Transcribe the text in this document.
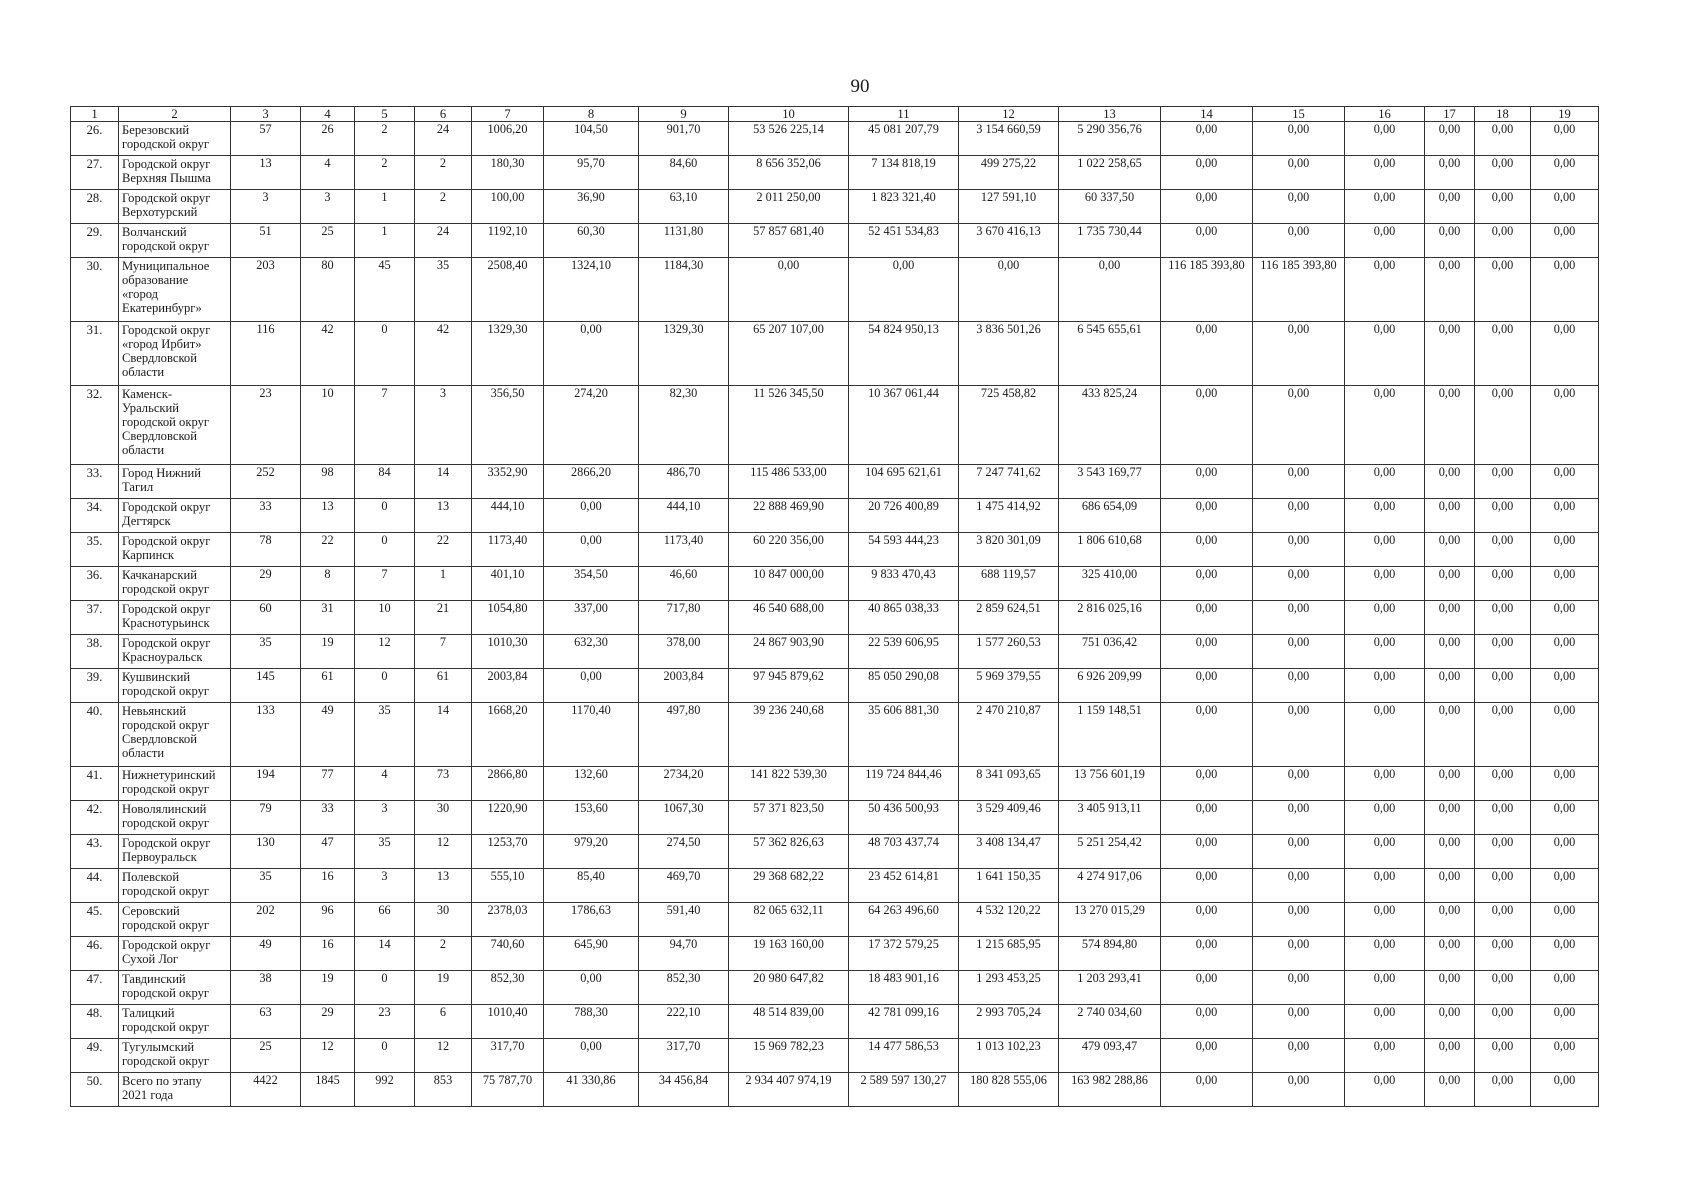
90
1	2	3	4	5	6	7	8	9	10	11	12	13	14	15	16	17	18	19
26.	Березовский городской округ	57	26	2	24	1006,20	104,50	901,70	53 526 225,14	45 081 207,79	3 154 660,59	5 290 356,76	0,00	0,00	0,00	0,00	0,00	0,00
27.	Городской округ Верхняя Пышма	13	4	2	2	180,30	95,70	84,60	8 656 352,06	7 134 818,19	499 275,22	1 022 258,65	0,00	0,00	0,00	0,00	0,00	0,00
28.	Городской округ Верхотурский	3	3	1	2	100,00	36,90	63,10	2 011 250,00	1 823 321,40	127 591,10	60 337,50	0,00	0,00	0,00	0,00	0,00	0,00
29.	Волчанский городской округ	51	25	1	24	1192,10	60,30	1131,80	57 857 681,40	52 451 534,83	3 670 416,13	1 735 730,44	0,00	0,00	0,00	0,00	0,00	0,00
30.	Муниципальное образование «город Екатеринбург»	203	80	45	35	2508,40	1324,10	1184,30	0,00	0,00	0,00	0,00	116 185 393,80	116 185 393,80	0,00	0,00	0,00	0,00
31.	Городской округ «город Ирбит» Свердловской области	116	42	0	42	1329,30	0,00	1329,30	65 207 107,00	54 824 950,13	3 836 501,26	6 545 655,61	0,00	0,00	0,00	0,00	0,00	0,00
32.	Каменск-Уральский городской округ Свердловской области	23	10	7	3	356,50	274,20	82,30	11 526 345,50	10 367 061,44	725 458,82	433 825,24	0,00	0,00	0,00	0,00	0,00	0,00
33.	Город Нижний Тагил	252	98	84	14	3352,90	2866,20	486,70	115 486 533,00	104 695 621,61	7 247 741,62	3 543 169,77	0,00	0,00	0,00	0,00	0,00	0,00
34.	Городской округ Дегтярск	33	13	0	13	444,10	0,00	444,10	22 888 469,90	20 726 400,89	1 475 414,92	686 654,09	0,00	0,00	0,00	0,00	0,00	0,00
35.	Городской округ Карпинск	78	22	0	22	1173,40	0,00	1173,40	60 220 356,00	54 593 444,23	3 820 301,09	1 806 610,68	0,00	0,00	0,00	0,00	0,00	0,00
36.	Качканарский городской округ	29	8	7	1	401,10	354,50	46,60	10 847 000,00	9 833 470,43	688 119,57	325 410,00	0,00	0,00	0,00	0,00	0,00	0,00
37.	Городской округ Краснотурьинск	60	31	10	21	1054,80	337,00	717,80	46 540 688,00	40 865 038,33	2 859 624,51	2 816 025,16	0,00	0,00	0,00	0,00	0,00	0,00
38.	Городской округ Красноуральск	35	19	12	7	1010,30	632,30	378,00	24 867 903,90	22 539 606,95	1 577 260,53	751 036,42	0,00	0,00	0,00	0,00	0,00	0,00
39.	Кушвинский городской округ	145	61	0	61	2003,84	0,00	2003,84	97 945 879,62	85 050 290,08	5 969 379,55	6 926 209,99	0,00	0,00	0,00	0,00	0,00	0,00
40.	Невьянский городской округ Свердловской области	133	49	35	14	1668,20	1170,40	497,80	39 236 240,68	35 606 881,30	2 470 210,87	1 159 148,51	0,00	0,00	0,00	0,00	0,00	0,00
41.	Нижнетуринский городской округ	194	77	4	73	2866,80	132,60	2734,20	141 822 539,30	119 724 844,46	8 341 093,65	13 756 601,19	0,00	0,00	0,00	0,00	0,00	0,00
42.	Новолялинский городской округ	79	33	3	30	1220,90	153,60	1067,30	57 371 823,50	50 436 500,93	3 529 409,46	3 405 913,11	0,00	0,00	0,00	0,00	0,00	0,00
43.	Городской округ Первоуральск	130	47	35	12	1253,70	979,20	274,50	57 362 826,63	48 703 437,74	3 408 134,47	5 251 254,42	0,00	0,00	0,00	0,00	0,00	0,00
44.	Полевской городской округ	35	16	3	13	555,10	85,40	469,70	29 368 682,22	23 452 614,81	1 641 150,35	4 274 917,06	0,00	0,00	0,00	0,00	0,00	0,00
45.	Серовский городской округ	202	96	66	30	2378,03	1786,63	591,40	82 065 632,11	64 263 496,60	4 532 120,22	13 270 015,29	0,00	0,00	0,00	0,00	0,00	0,00
46.	Городской округ Сухой Лог	49	16	14	2	740,60	645,90	94,70	19 163 160,00	17 372 579,25	1 215 685,95	574 894,80	0,00	0,00	0,00	0,00	0,00	0,00
47.	Тавдинский городской округ	38	19	0	19	852,30	0,00	852,30	20 980 647,82	18 483 901,16	1 293 453,25	1 203 293,41	0,00	0,00	0,00	0,00	0,00	0,00
48.	Талицкий городской округ	63	29	23	6	1010,40	788,30	222,10	48 514 839,00	42 781 099,16	2 993 705,24	2 740 034,60	0,00	0,00	0,00	0,00	0,00	0,00
49.	Тугулымский городской округ	25	12	0	12	317,70	0,00	317,70	15 969 782,23	14 477 586,53	1 013 102,23	479 093,47	0,00	0,00	0,00	0,00	0,00	0,00
50.	Всего по этапу 2021 года	4422	1845	992	853	75 787,70	41 330,86	34 456,84	2 934 407 974,19	2 589 597 130,27	180 828 555,06	163 982 288,86	0,00	0,00	0,00	0,00	0,00	0,00
